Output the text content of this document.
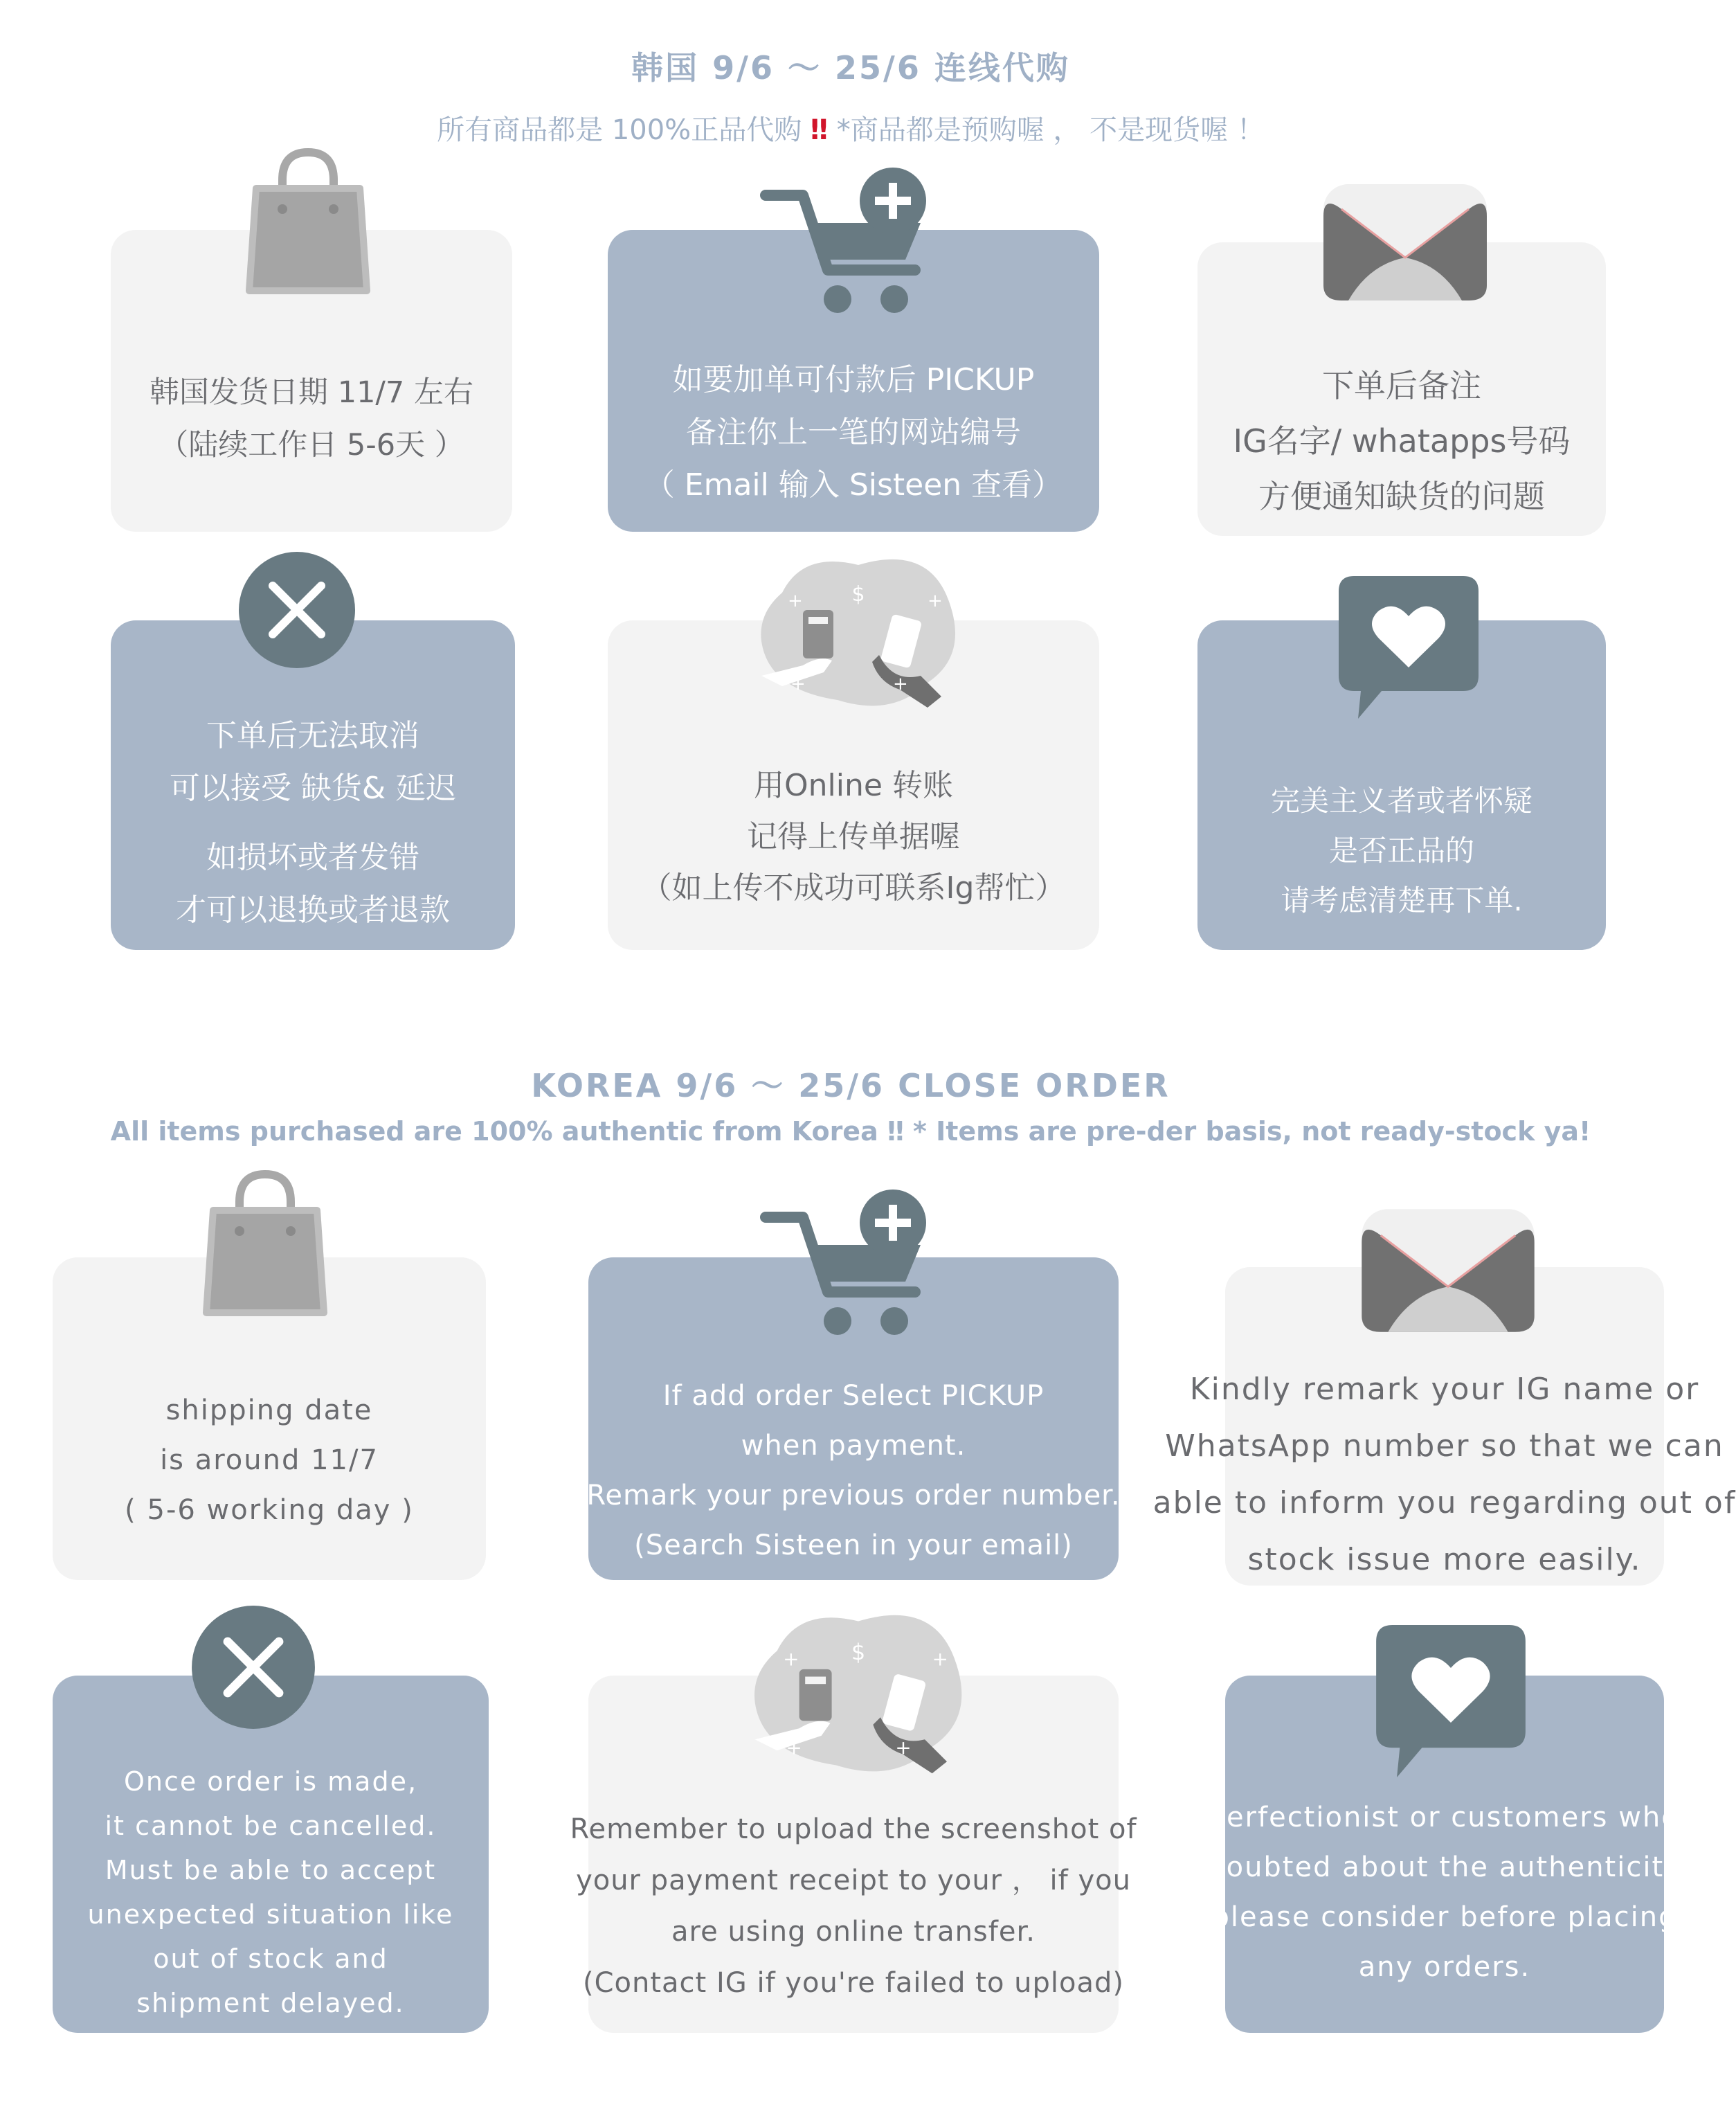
韩国 9/6 ～ 25/6 连线代购
所有商品都是 100%正品代购 ‼ *商品都是预购喔 ， 不是现货喔 ！

韩国发货日期 11/7 左右

（陆续工作日 5-6天 ）

如要加单可付款后 PICKUP

备注你上一笔的网站编号

（ Email 输入 Sisteen 查看）

下单后备注

IG名字/ whatapps号码

方便通知缺货的问题

下单后无法取消

可以接受 缺货& 延迟

如损坏或者发错

才可以退换或者退款

用Online 转账

记得上传单据喔

（如上传不成功可联系Ig帮忙）

完美主义者或者怀疑

是否正品的

请考虑清楚再下单.

KOREA 9/6 ～ 25/6 CLOSE ORDER
All items purchased are 100% authentic from Korea ‼ * Items are pre-der basis, not ready-stock ya!

shipping date

is around 11/7

( 5-6 working day )

If add order Select PICKUP

when payment.

Remark your previous order number.

(Search Sisteen in your email)

Kindly remark your IG name or

WhatsApp number so that we can

able to inform you regarding out of

stock issue more easily.

Once order is made,

it cannot be cancelled.

Must be able to accept

unexpected situation like

out of stock and

shipment delayed.

Remember to upload the screenshot of

your payment receipt to your ， if you

are using online transfer.

(Contact IG if you're failed to upload)

Perfectionist or customers who

doubted about the authenticity

please consider before placing

any orders.

$
+	+
+	+
$
+	+
+	+
